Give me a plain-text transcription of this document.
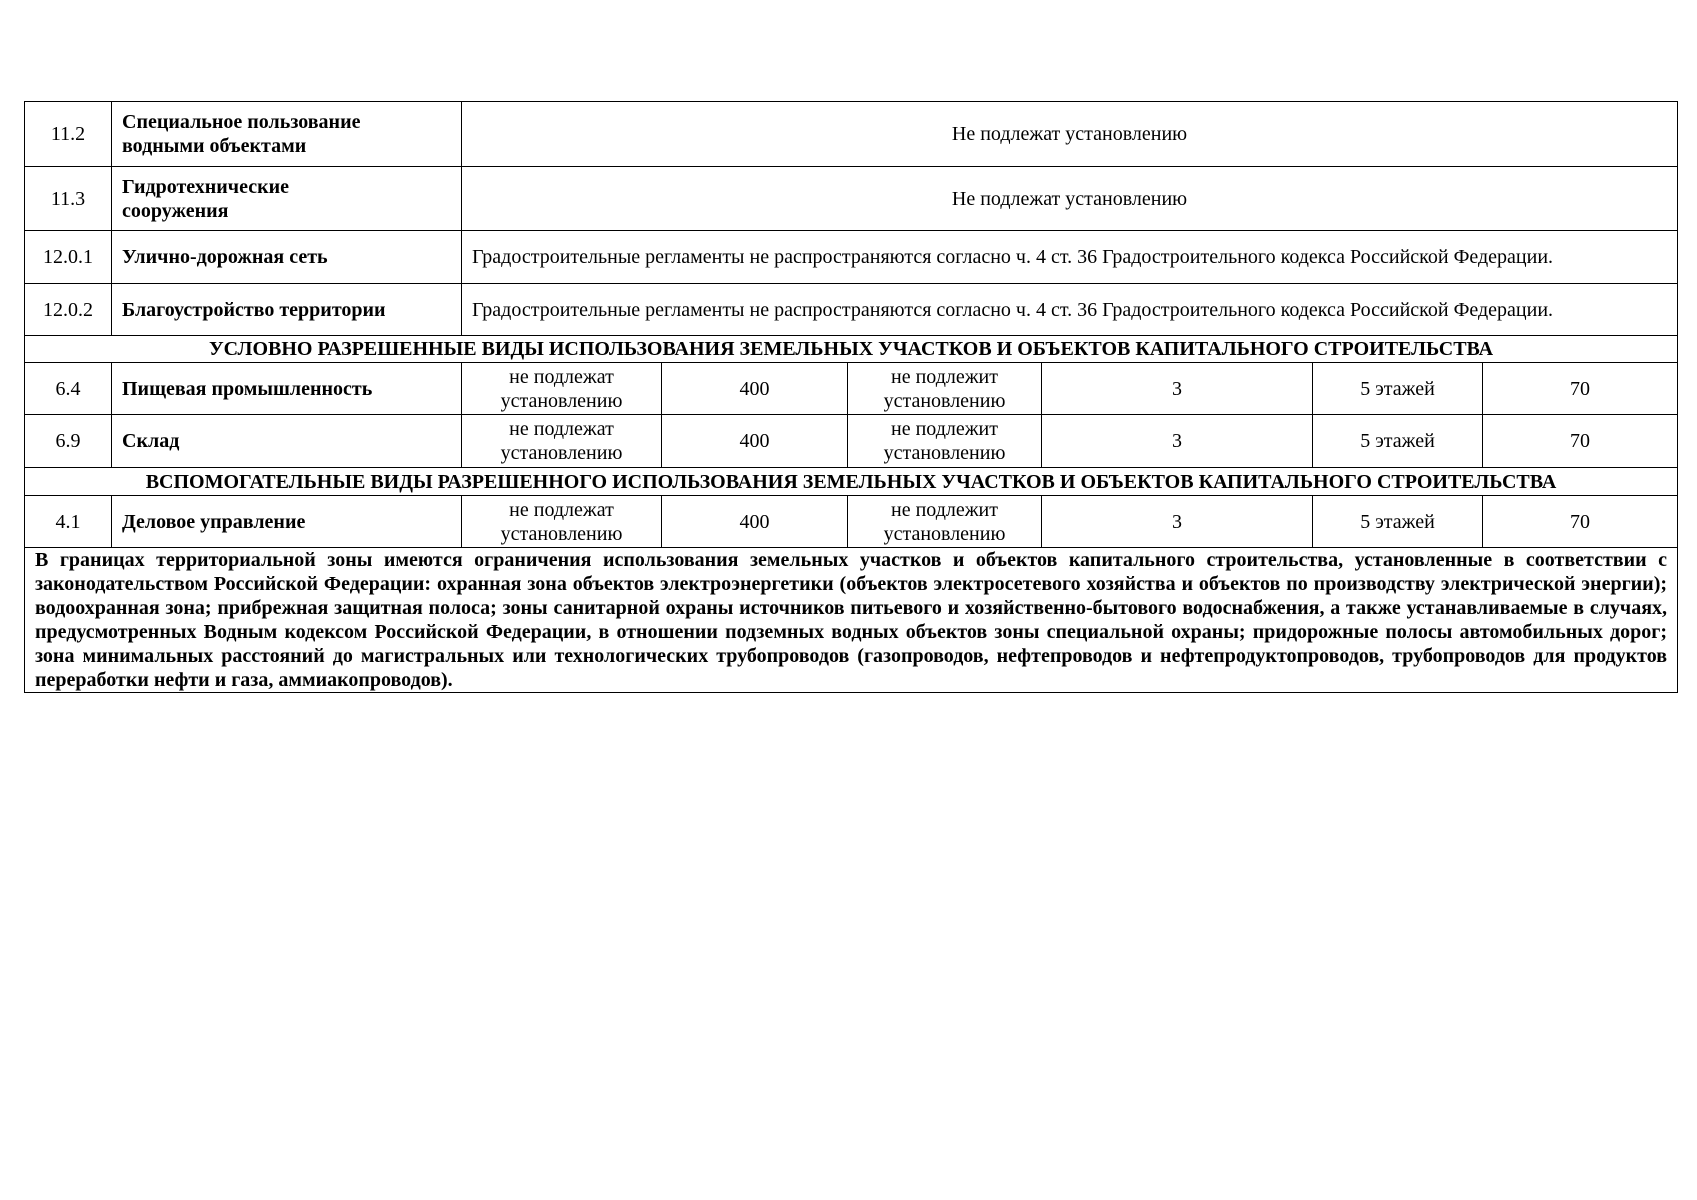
11.2	Специальное пользование
водными объектами	Не подлежат установлению					
11.3	Гидротехнические
сооружения	Не подлежат установлению					
12.0.1	Улично-дорожная сеть	Градостроительные регламенты не распространяются согласно ч. 4 ст. 36 Градостроительного кодекса Российской Федерации.					
12.0.2	Благоустройство территории	Градостроительные регламенты не распространяются согласно ч. 4 ст. 36 Градостроительного кодекса Российской Федерации.					
УСЛОВНО РАЗРЕШЕННЫЕ ВИДЫ ИСПОЛЬЗОВАНИЯ ЗЕМЕЛЬНЫХ УЧАСТКОВ И ОБЪЕКТОВ КАПИТАЛЬНОГО СТРОИТЕЛЬСТВА							
6.4	Пищевая промышленность	не подлежат установлению	400	не подлежит установлению	3	5 этажей	70
6.9	Склад	не подлежат установлению	400	не подлежит установлению	3	5 этажей	70
ВСПОМОГАТЕЛЬНЫЕ ВИДЫ РАЗРЕШЕННОГО ИСПОЛЬЗОВАНИЯ ЗЕМЕЛЬНЫХ УЧАСТКОВ И ОБЪЕКТОВ КАПИТАЛЬНОГО СТРОИТЕЛЬСТВА							
4.1	Деловое управление	не подлежат установлению	400	не подлежит установлению	3	5 этажей	70
В границах территориальной зоны имеются ограничения использования земельных участков и объектов капитального строительства, установленные в соответствии с законодательством Российской Федерации: охранная зона объектов электроэнергетики (объектов электросетевого хозяйства и объектов по производству электрической энергии); водоохранная зона; прибрежная защитная полоса; зоны санитарной охраны источников питьевого и хозяйственно-бытового водоснабжения, а также устанавливаемые в случаях, предусмотренных Водным кодексом Российской Федерации, в отношении подземных водных объектов зоны специальной охраны; придорожные полосы автомобильных дорог; зона минимальных расстояний до магистральных или технологических трубопроводов (газопроводов, нефтепроводов и нефтепродуктопроводов, трубопроводов для продуктов переработки нефти и газа, аммиакопроводов).							
